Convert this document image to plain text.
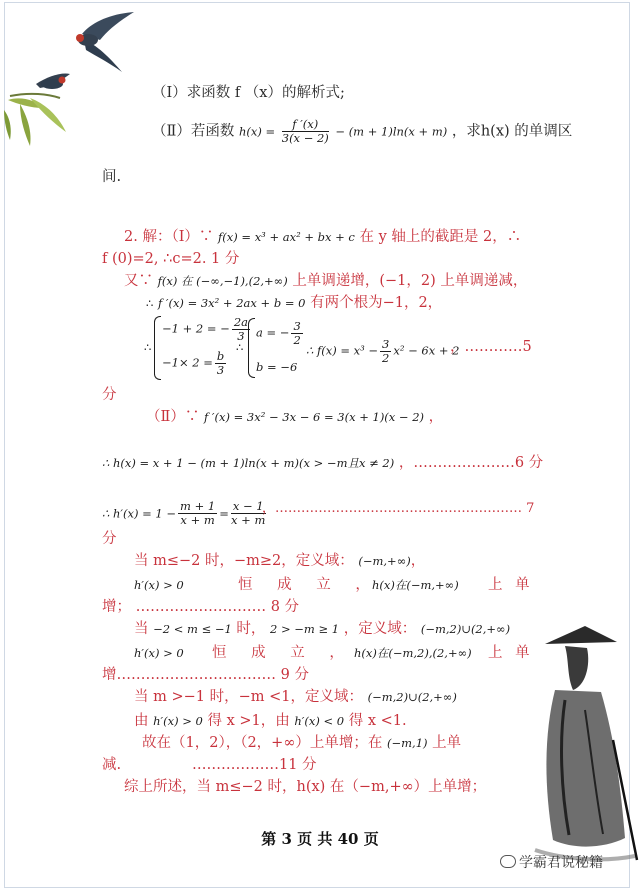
（Ⅰ）求函数 f （x）的解析式;
（Ⅱ）若函数 $h(x) = \frac{f '(x)}{3(x - 2)} - (m + 1)\ln(x + m)$ ，求h(x) 的单调区
间.
2. 解：（Ⅰ）∵ f(x) = x³ + ax² + bx + c 在 y 轴上的截距是 2，∴
f (0)=2, ∴c=2. 1 分
又∵ f(x) 在 (−∞,−1),(2,+∞) 上单调递增，(−1，2) 上单调递减，
∴ f ′(x) = 3x² + 2ax + b = 0 有两个根为−1，2，
∴
−1 + 2 = − $\frac{2a}{3}$
$-1\times 2 = \frac{b}{3}$
∴
a = − $\frac{3}{2}$
b = −6
∴ $f(x) = x^3 - \frac{3}{2} x^2 - 6x + 2$
，…………5
分
（Ⅱ）∵ f ′(x) = 3x² − 3x − 6 = 3(x + 1)(x − 2) ，
∴ h(x) = x + 1 − (m + 1)ln(x + m)(x > −m且x ≠ 2) ，…………………6 分
∴ $h'(x) = 1 - \frac{m + 1}{x + m} = \frac{x - 1}{x + m}$
，………………………………………………… 7
分
当 m≤−2 时，−m≥2，定义域： (−m,+∞)，
h′(x) > 0	恒 成 立 ，
h(x)在(−m,+∞) 上 单
增； ……………………… 8 分
当 −2 < m ≤ −1 时， 2 > −m ≥ 1 ，定义域： (−m,2)∪(2,+∞)
h′(x) > 0 恒 成 立 ， h(x)在(−m,2),(2,+∞) 上 单
增…………………………… 9 分
当 m >−1 时，−m <1，定义域： (−m,2)∪(2,+∞)
由 h′(x) > 0 得 x >1，由 h′(x) < 0 得 x <1.
故在（1，2），（2，+∞）上单增；在 (−m,1) 上单
减.	………………11 分
综上所述，当 m≤−2 时，h(x) 在（−m,+∞）上单增；
第 3 页 共 40 页
学霸君说秘籍
